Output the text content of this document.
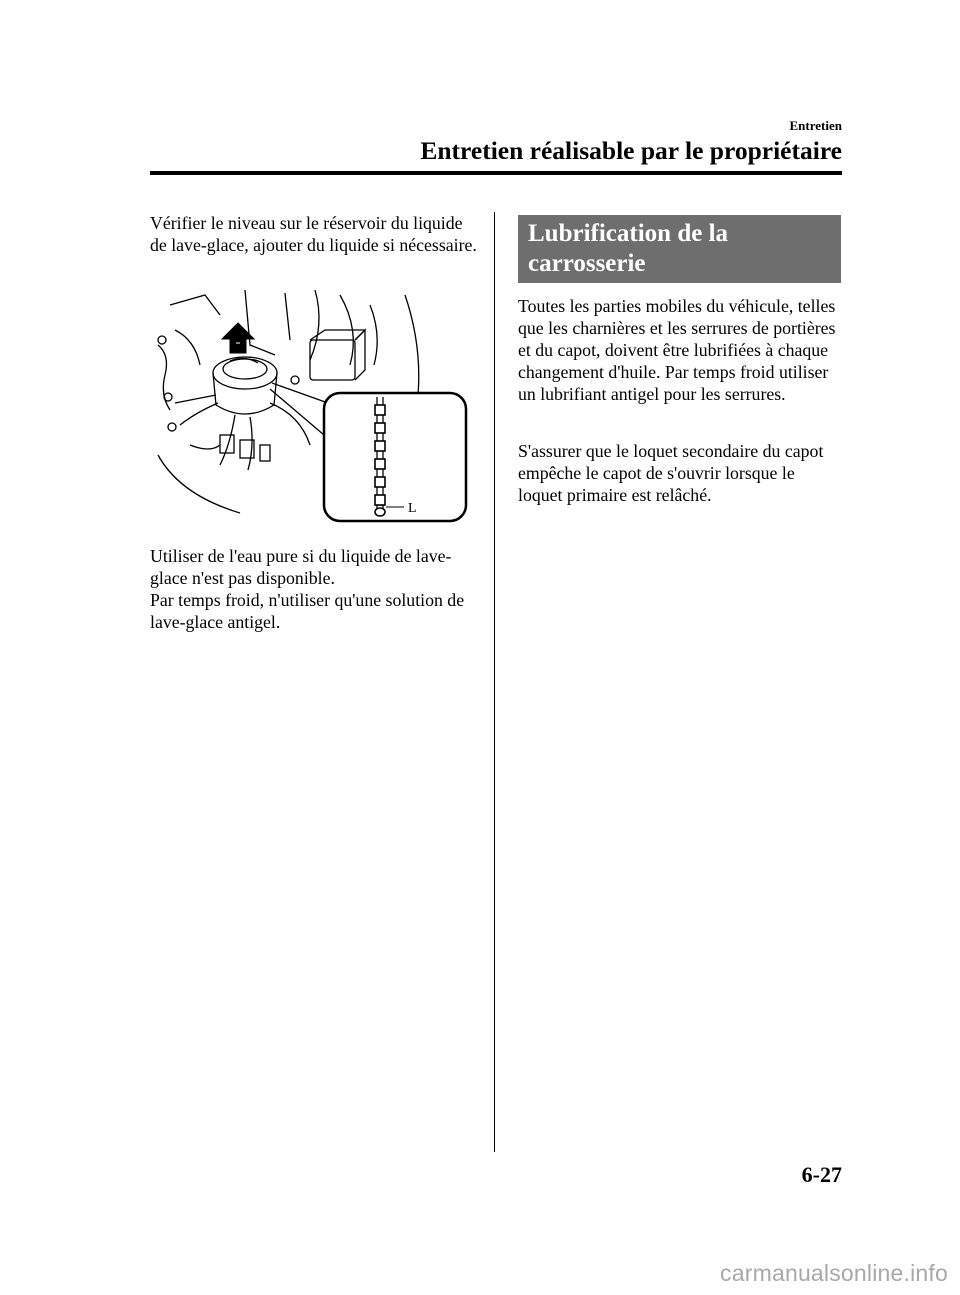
Entretien
Entretien réalisable par le propriétaire

Vérifier le niveau sur le réservoir du liquide de lave-glace, ajouter du liquide si nécessaire.

L

Utiliser de l'eau pure si du liquide de lave-glace n'est pas disponible.

Par temps froid, n'utiliser qu'une solution de lave-glace antigel.

Lubrification de la carrosserie

Toutes les parties mobiles du véhicule, telles que les charnières et les serrures de portières et du capot, doivent être lubrifiées à chaque changement d'huile. Par temps froid utiliser un lubrifiant antigel pour les serrures.

S'assurer que le loquet secondaire du capot empêche le capot de s'ouvrir lorsque le loquet primaire est relâché.

6-27
carmanualsonline.info
